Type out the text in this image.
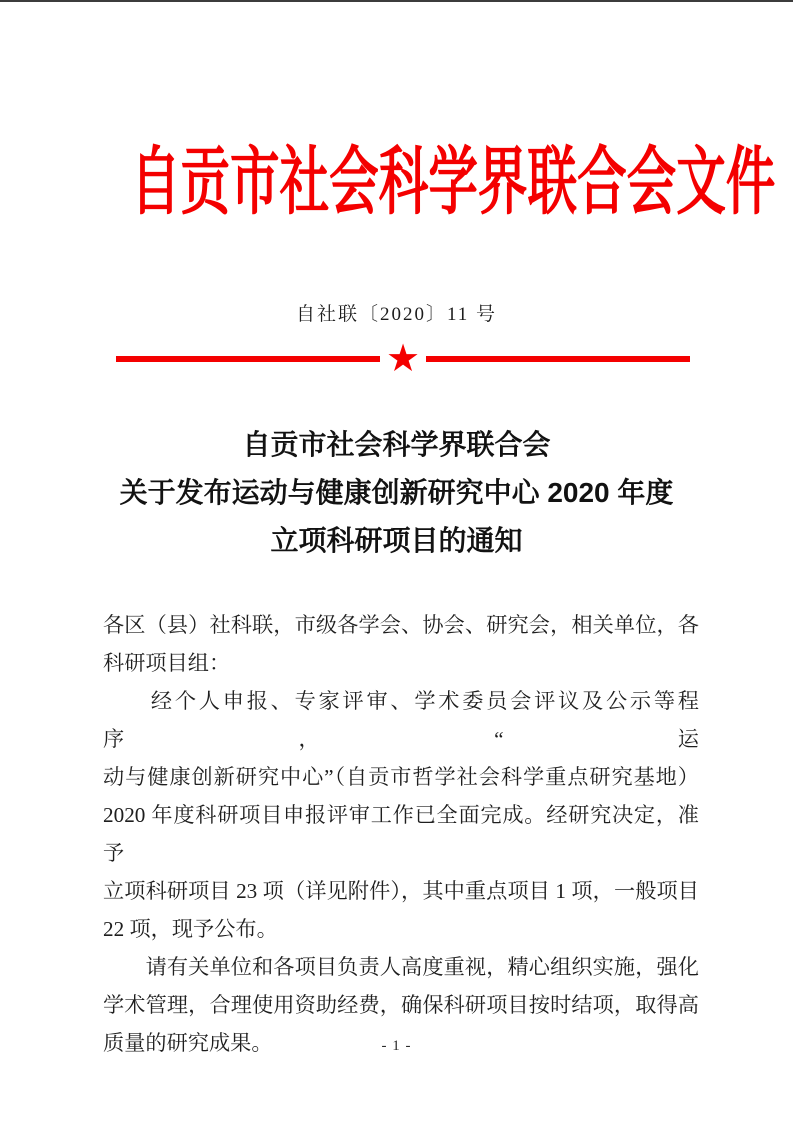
自贡市社会科学界联合会文件
自社联〔2020〕11 号
★
自贡市社会科学界联合会
关于发布运动与健康创新研究中心 2020 年度
立项科研项目的通知
各区（县）社科联，市级各学会、协会、研究会，相关单位，各
科研项目组：
　　经个人申报、专家评审、学术委员会评议及公示等程序，“运
动与健康创新研究中心”（自贡市哲学社会科学重点研究基地）
2020 年度科研项目申报评审工作已全面完成。经研究决定，准予
立项科研项目 23 项（详见附件），其中重点项目 1 项，一般项目
22 项，现予公布。
　　请有关单位和各项目负责人高度重视，精心组织实施，强化
学术管理，合理使用资助经费，确保科研项目按时结项，取得高
质量的研究成果。	- 1 -
